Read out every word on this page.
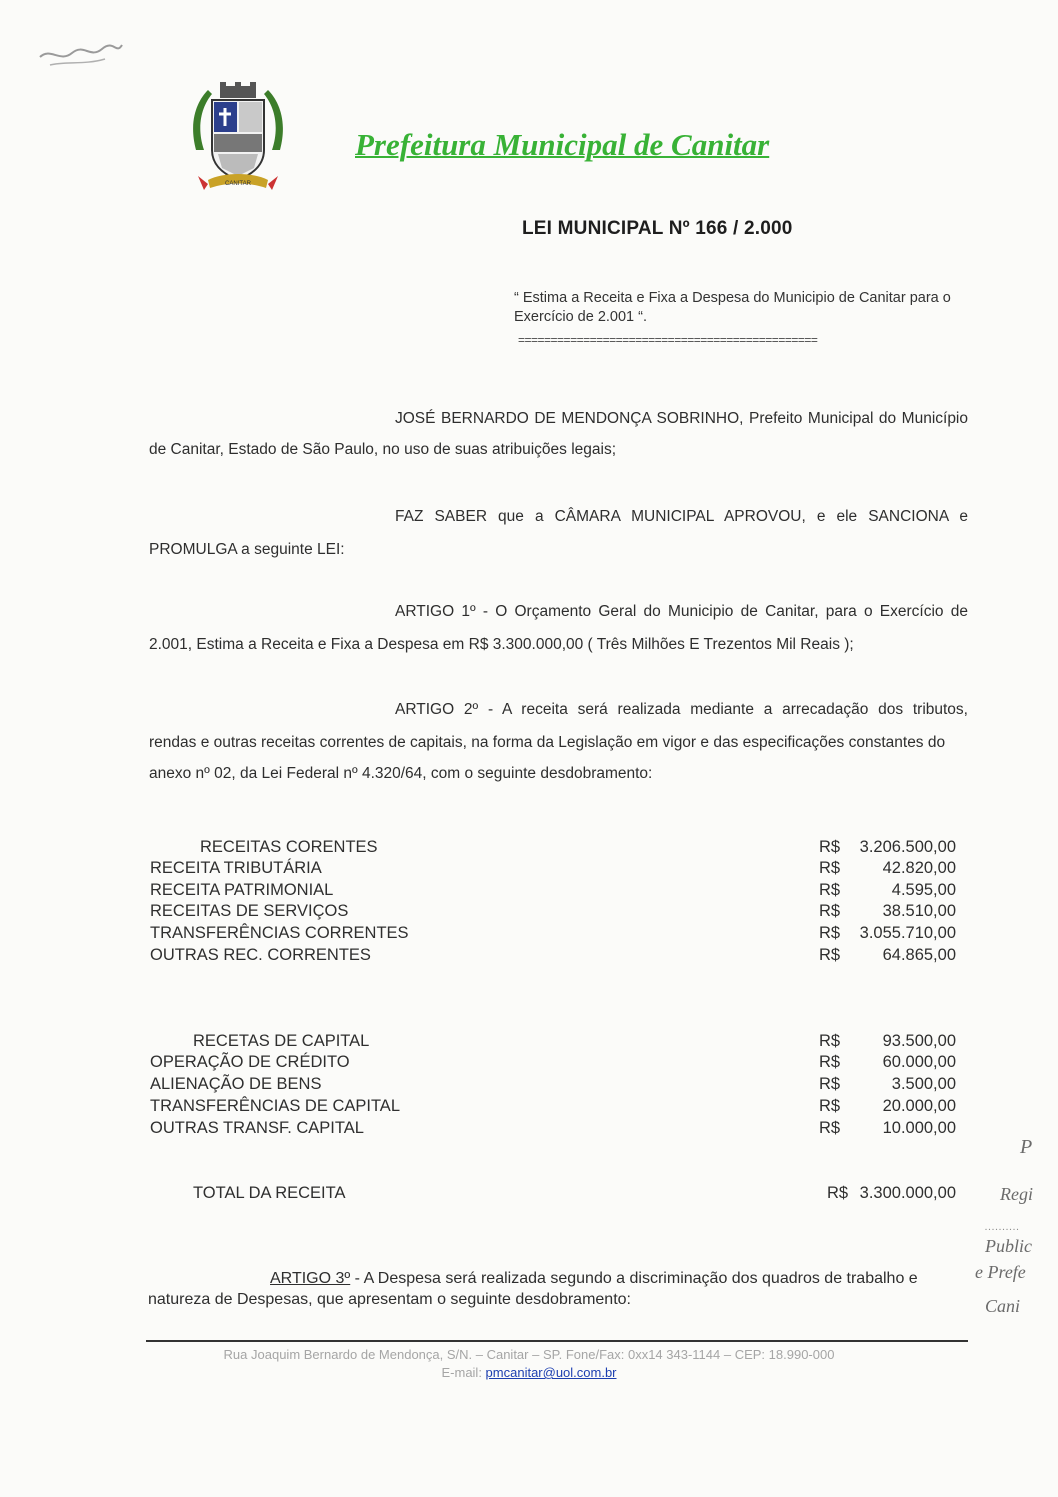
CANITAR
Prefeitura Municipal de Canitar
LEI MUNICIPAL Nº 166 / 2.000
“ Estima a Receita e Fixa a Despesa do Municipio de Canitar para o Exercício de 2.001 “.
==============================================
JOSÉ BERNARDO DE MENDONÇA SOBRINHO, Prefeito Municipal do Município
de Canitar, Estado de São Paulo, no uso de suas atribuições legais;
FAZ SABER que a CÂMARA MUNICIPAL APROVOU, e ele SANCIONA e
PROMULGA a seguinte LEI:
ARTIGO 1º - O Orçamento Geral do Municipio de Canitar, para o Exercício de
2.001, Estima a Receita e Fixa a Despesa em R$ 3.300.000,00 ( Três Milhões E Trezentos Mil Reais );
ARTIGO 2º - A receita será realizada mediante a arrecadação dos tributos,
rendas e outras receitas correntes de capitais, na forma da Legislação em vigor e das especificações constantes do
anexo nº 02, da Lei Federal nº 4.320/64, com o seguinte desdobramento:
RECEITAS CORENTES	R$ 3.206.500,00
RECEITA TRIBUTÁRIA	R$	42.820,00
RECEITA PATRIMONIAL	R$	4.595,00
RECEITAS DE SERVIÇOS	R$	38.510,00
TRANSFERÊNCIAS CORRENTES	R$ 3.055.710,00
OUTRAS REC. CORRENTES	R$	64.865,00
RECETAS DE CAPITAL	R$	93.500,00
OPERAÇÃO DE CRÉDITO	R$	60.000,00
ALIENAÇÃO DE BENS	R$	3.500,00
TRANSFERÊNCIAS DE CAPITAL	R$	20.000,00
OUTRAS TRANSF. CAPITAL	R$	10.000,00
TOTAL DA RECEITA	R$ 3.300.000,00
ARTIGO 3º - A Despesa será realizada segundo a discriminação dos quadros de trabalho e
natureza de Despesas, que apresentam o seguinte desdobramento:
P
Regi
..........
Public
e Prefe
Cani
Rua Joaquim Bernardo de Mendonça, S/N. – Canitar – SP. Fone/Fax: 0xx14 343-1144 – CEP: 18.990-000
E-mail: pmcanitar@uol.com.br
